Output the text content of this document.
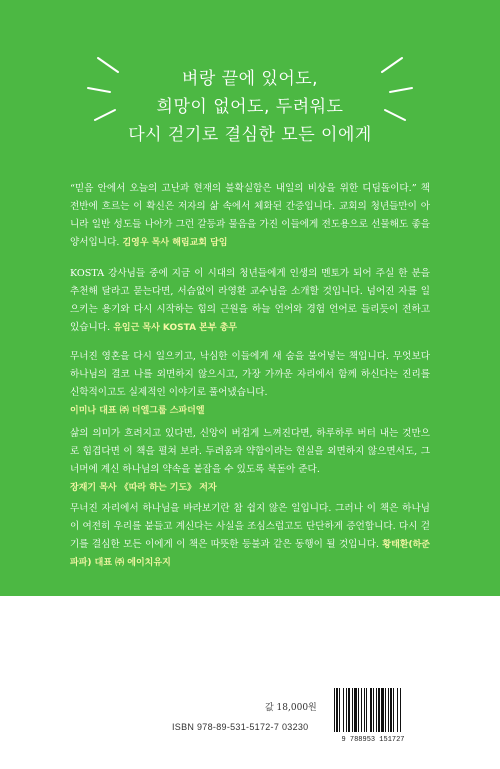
벼랑 끝에 있어도,
희망이 없어도, 두려워도
다시 걷기로 결심한 모든 이에게
“믿음 안에서 오늘의 고난과 현재의 불확실함은 내일의 비상을 위한 디딤돌이다.” 책 전반에 흐르는 이 확신은 저자의 삶 속에서 체화된 간증입니다. 교회의 청년들만이 아니라 일반 성도들 나아가 그런 갈등과 물음을 가진 이들에게 전도용으로 선물해도 좋을 양서입니다. 김영우 목사 해림교회 담임
KOSTA 강사님들 중에 지금 이 시대의 청년들에게 인생의 멘토가 되어 주실 한 분을 추천해 달라고 묻는다면, 서슴없이 라영환 교수님을 소개할 것입니다. 넘어진 자를 일으키는 용기와 다시 시작하는 힘의 근원을 하늘 언어와 경험 언어로 들리듯이 전하고 있습니다. 유임근 목사 KOSTA 본부 총무
무너진 영혼을 다시 일으키고, 낙심한 이들에게 새 숨을 불어넣는 책입니다. 무엇보다 하나님의 결코 나를 외면하지 않으시고, 가장 가까운 자리에서 함께 하신다는 진리를 신학적이고도 실제적인 이야기로 풀어냈습니다.
이미나 대표 ㈜ 더엘그룹 스파더엘
삶의 의미가 흐려지고 있다면, 신앙이 버겁게 느껴진다면, 하루하루 버터 내는 것만으로 힘겹다면 이 책을 펼쳐 보라. 두려움과 약함이라는 현실을 외면하지 않으면서도, 그 너머에 계신 하나님의 약속을 붙잡을 수 있도록 북돋아 준다.
장재기 목사 《따라 하는 기도》 저자
무너진 자리에서 하나님을 바라보기란 참 쉽지 않은 일입니다. 그러나 이 책은 하나님이 여전히 우리를 붙들고 계신다는 사실을 조심스럽고도 단단하게 증언합니다. 다시 걷기를 결심한 모든 이에게 이 책은 따뜻한 등불과 같은 동행이 될 것입니다. 황태환(하준파파) 대표 ㈜ 에이치유지
값 18,000원
ISBN 978-89-531-5172-7 03230
9 788953 151727
